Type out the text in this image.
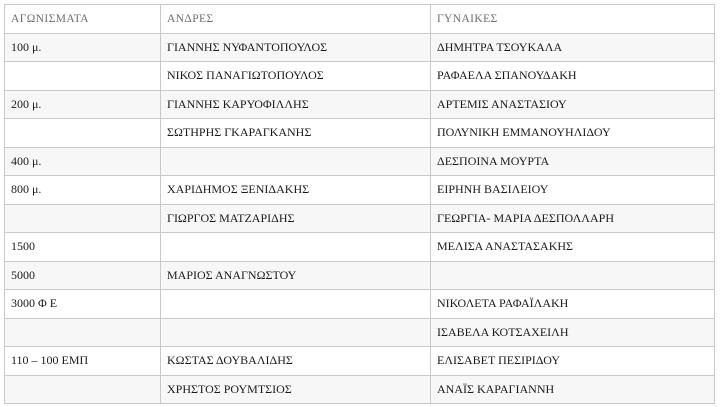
ΑΓΩΝΙΣΜΑΤΑ	ΑΝΔΡΕΣ	ΓΥΝΑΙΚΕΣ
100 μ.	ΓΙΑΝΝΗΣ ΝΥΦΑΝΤΟΠΟΥΛΟΣ	ΔΗΜΗΤΡΑ ΤΣΟΥΚΑΛΑ
	ΝΙΚΟΣ ΠΑΝΑΓΙΩΤΟΠΟΥΛΟΣ	ΡΑΦΑΕΛΑ ΣΠΑΝΟΥΔΑΚΗ
200 μ.	ΓΙΑΝΝΗΣ ΚΑΡΥΟΦΙΛΛΗΣ	ΑΡΤΕΜΙΣ ΑΝΑΣΤΑΣΙΟΥ
	ΣΩΤΗΡΗΣ ΓΚΑΡΑΓΚΑΝΗΣ	ΠΟΛΥΝΙΚΗ ΕΜΜΑΝΟΥΗΛΙΔΟΥ
400 μ.		ΔΕΣΠΟΙΝΑ ΜΟΥΡΤΑ
800 μ.	ΧΑΡΙΔΗΜΟΣ ΞΕΝΙΔΑΚΗΣ	ΕΙΡΗΝΗ ΒΑΣΙΛΕΙΟΥ
	ΓΙΩΡΓΟΣ ΜΑΤΖΑΡΙΔΗΣ	ΓΕΩΡΓΙΑ- ΜΑΡΙΑ ΔΕΣΠΟΛΛΑΡΗ
1500		ΜΕΛΙΣΑ ΑΝΑΣΤΑΣΑΚΗΣ
5000	ΜΑΡΙΟΣ ΑΝΑΓΝΩΣΤΟΥ	
3000 Φ Ε		ΝΙΚΟΛΕΤΑ ΡΑΦΑΪΛΑΚΗ
		ΙΣΑΒΕΛΑ ΚΟΤΣΑΧΕΙΛΗ
110 – 100 ΕΜΠ	ΚΩΣΤΑΣ ΔΟΥΒΑΛΙΔΗΣ	ΕΛΙΣΑΒΕΤ ΠΕΣΙΡΙΔΟΥ
	ΧΡΗΣΤΟΣ ΡΟΥΜΤΣΙΟΣ	ΑΝΑΪΣ ΚΑΡΑΓΙΑΝΝΗ
